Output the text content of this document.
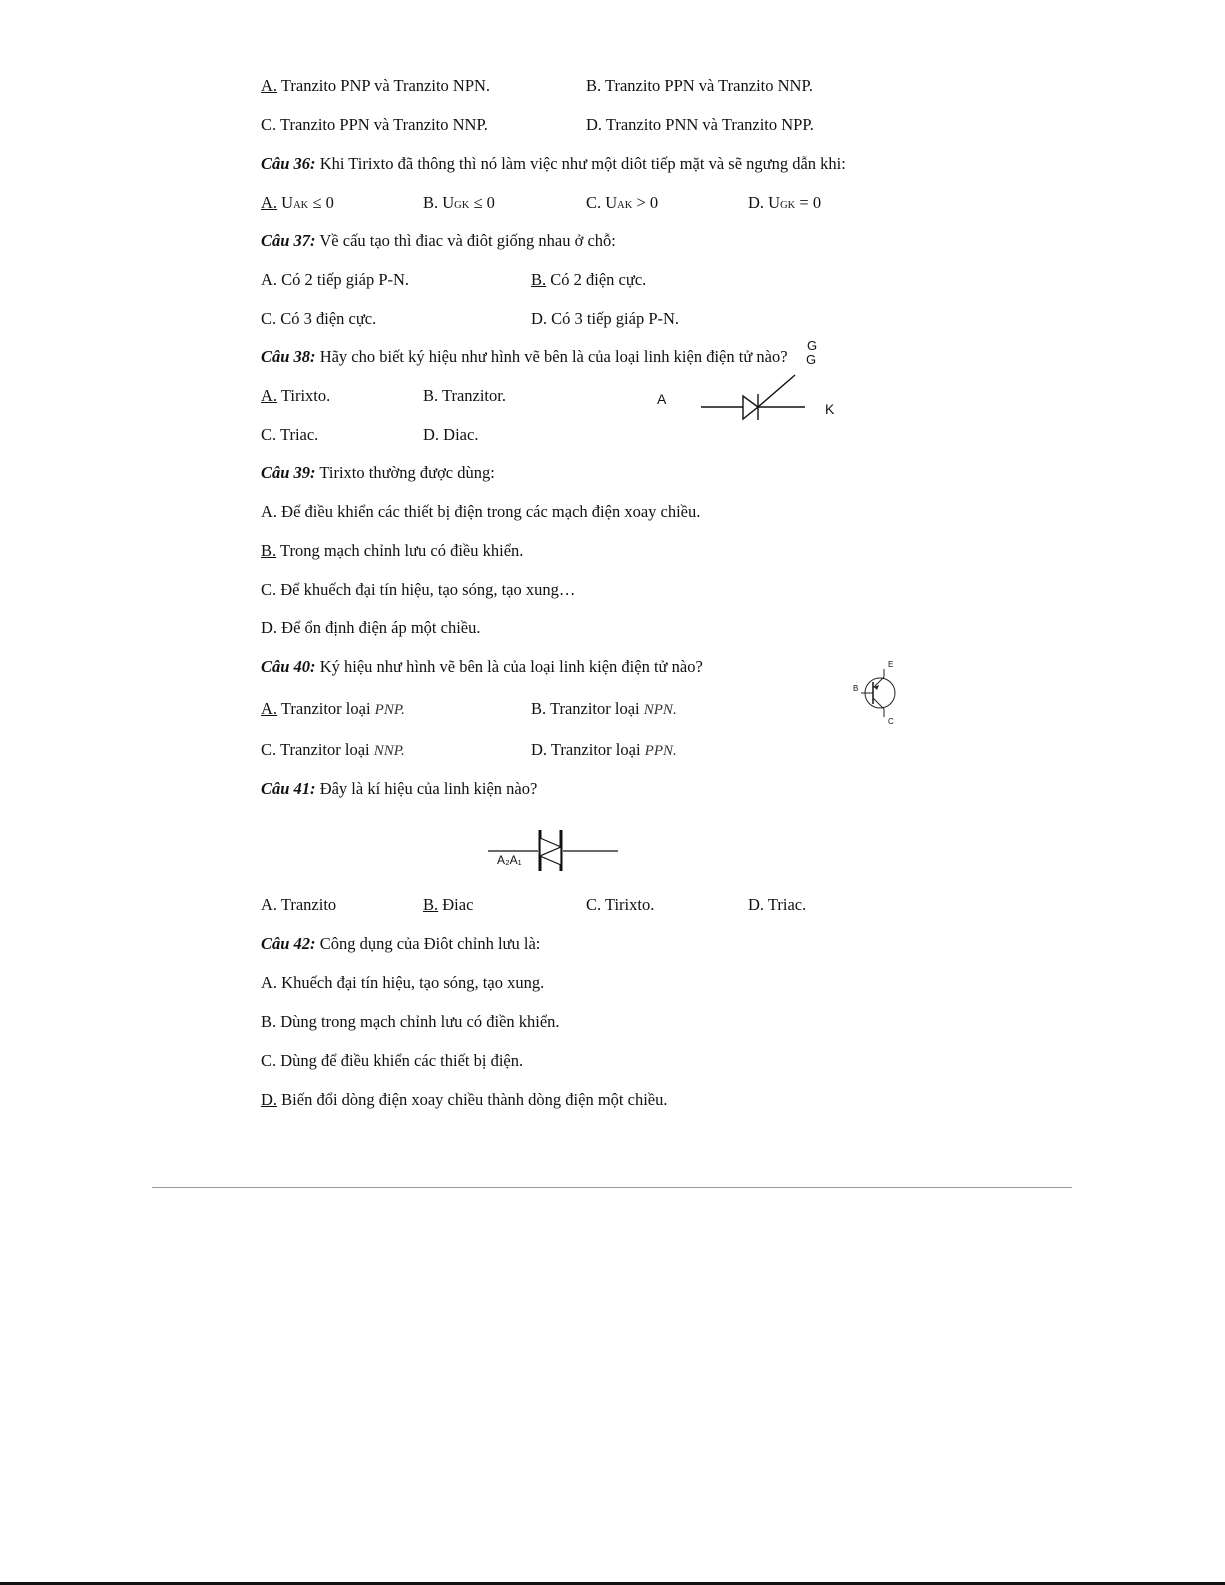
A. Tranzito PNP và Tranzito NPN.	B. Tranzito PPN và Tranzito NNP.
C. Tranzito PPN và Tranzito NNP.	D. Tranzito PNN và Tranzito NPP.
Câu 36: Khi Tirixto đã thông thì nó làm việc như một diôt tiếp mặt và sẽ ngưng dẫn khi:
A. UAK ≤ 0	B. UGK ≤ 0	C. UAK > 0	D. UGK = 0
Câu 37: Về cấu tạo thì điac và điôt giống nhau ở chỗ:
A. Có 2 tiếp giáp P-N.	B. Có 2 điện cực.
C. Có 3 điện cực.	D. Có 3 tiếp giáp P-N.
Câu 38: Hãy cho biết ký hiệu như hình vẽ bên là của loại linh kiện điện tử nào?
A. Tirixto.	B. Tranzitor.
C. Triac.	D. Diac.
A
K
G
G
Câu 39: Tirixto thường được dùng:
A. Để điều khiển các thiết bị điện trong các mạch điện xoay chiều.
B. Trong mạch chỉnh lưu có điều khiển.
C. Để khuếch đại tín hiệu, tạo sóng, tạo xung…
D. Để ổn định điện áp một chiều.
Câu 40: Ký hiệu như hình vẽ bên là của loại linh kiện điện tử nào?
A. Tranzitor loại PNP.	B. Tranzitor loại NPN.
C. Tranzitor loại NNP.	D. Tranzitor loại PPN.
B
E
C
Câu 41: Đây là kí hiệu của linh kiện nào?
A₂A₁
A. Tranzito	B. Điac	C. Tirixto.	D. Triac.
Câu 42: Công dụng của Điôt chỉnh lưu là:
A. Khuếch đại tín hiệu, tạo sóng, tạo xung.
B. Dùng trong mạch chỉnh lưu có điền khiển.
C. Dùng để điều khiển các thiết bị điện.
D. Biến đổi dòng điện xoay chiều thành dòng điện một chiều.
